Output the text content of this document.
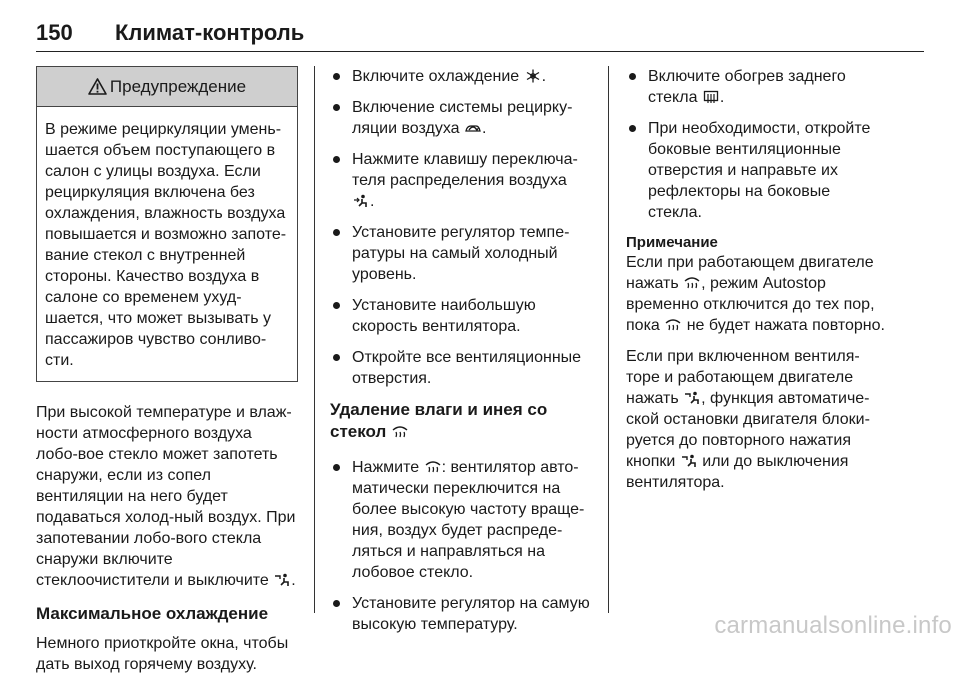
150 Климат-контроль
Предупреждение
В режиме рециркуляции умень-шается объем поступающего в салон с улицы воздуха. Если рециркуляция включена без охлаждения, влажность воздуха повышается и возможно запоте-вание стекол с внутренней стороны. Качество воздуха в салоне со временем ухуд-шается, что может вызывать у пассажиров чувство сонливо-сти.

При высокой температуре и влаж-ности атмосферного воздуха лобо-вое стекло может запотеть снаружи, если из сопел вентиляции на него будет подаваться холод-ный воздух. При запотевании лобо-вого стекла снаружи включите стеклоочистители и выключите .

Максимальное охлаждение

Немного приоткройте окна, чтобы дать выход горячему воздуху.

Включите охлаждение .
Включение системы рецирку-ляции воздуха .
Нажмите клавишу переключа-теля распределения воздуха
.
Установите регулятор темпе-ратуры на самый холодный уровень.
Установите наибольшую скорость вентилятора.
Откройте все вентиляционные отверстия.
Удаление влаги и инея со стекол
Нажмите : вентилятор авто-матически переключится на более высокую частоту враще-ния, воздух будет распреде-ляться и направляться на лобовое стекло.
Установите регулятор на самую высокую температуру.
Включите обогрев заднего стекла .
При необходимости, откройте боковые вентиляционные отверстия и направьте их рефлекторы на боковые стекла.
Примечание

Если при работающем двигателе нажать , режим Autostop временно отключится до тех пор, пока не будет нажата повторно.

Если при включенном вентиля-торе и работающем двигателе нажать , функция автоматиче-ской остановки двигателя блоки-руется до повторного нажатия кнопки или до выключения вентилятора.

carmanualsonline.info
